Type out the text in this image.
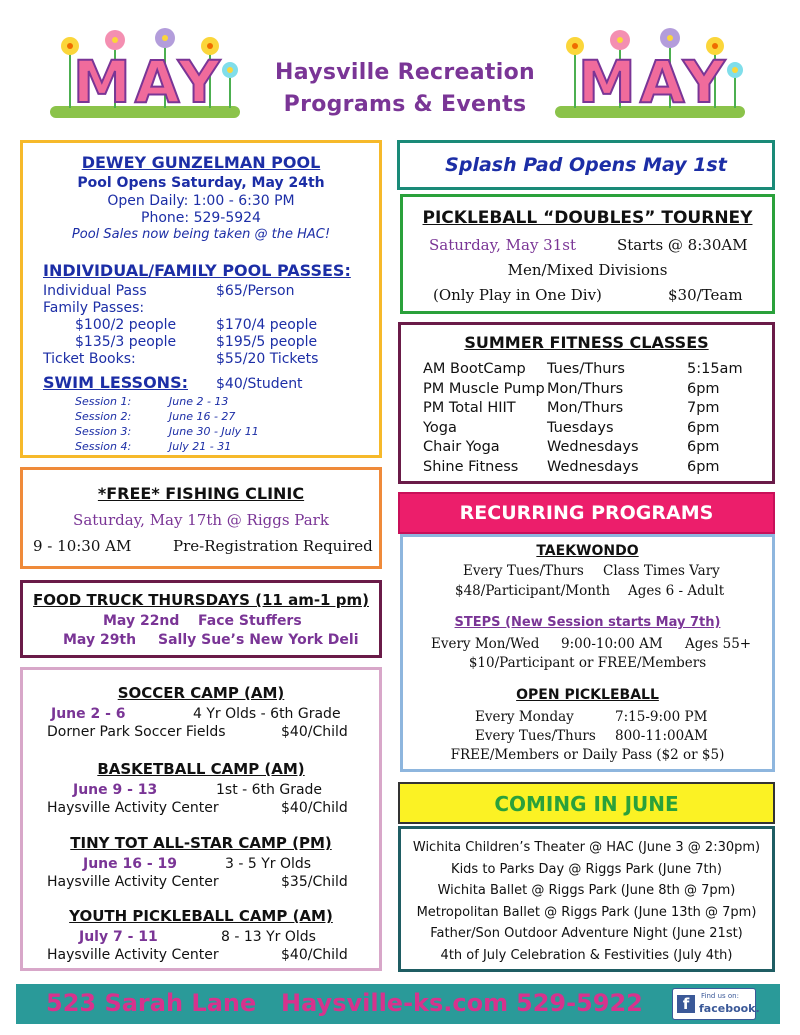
MAY	MAY
Haysville Recreation
Programs & Events
DEWEY GUNZELMAN POOL
Pool Opens Saturday, May 24th
Open Daily: 1:00 - 6:30 PM
Phone: 529-5924
Pool Sales now being taken @ the HAC!
INDIVIDUAL/FAMILY POOL PASSES:
Individual Pass	$65/Person
Family Passes:
$100/2 people	$170/4 people
$135/3 people	$195/5 people
Ticket Books:	$55/20 Tickets
SWIM LESSONS: $40/Student
Session 1:	June 2 - 13
Session 2:	June 16 - 27
Session 3:	June 30 - July 11
Session 4:	July 21 - 31
*FREE* FISHING CLINIC
Saturday, May 17th @ Riggs Park
9 - 10:30 AM	Pre-Registration Required
FOOD TRUCK THURSDAYS (11 am-1 pm)
May 22nd Face Stuffers
May 29th Sally Sue’s New York Deli
SOCCER CAMP (AM)
June 2 - 6	4 Yr Olds - 6th Grade
Dorner Park Soccer Fields	$40/Child
BASKETBALL CAMP (AM)
June 9 - 13	1st - 6th Grade
Haysville Activity Center	$40/Child
TINY TOT ALL-STAR CAMP (PM)
June 16 - 19	3 - 5 Yr Olds
Haysville Activity Center	$35/Child
YOUTH PICKLEBALL CAMP (AM)
July 7 - 11	8 - 13 Yr Olds
Haysville Activity Center	$40/Child
Splash Pad Opens May 1st
PICKLEBALL “DOUBLES” TOURNEY
Saturday, May 31st	Starts @ 8:30AM
Men/Mixed Divisions
(Only Play in One Div)	$30/Team
SUMMER FITNESS CLASSES
AM BootCamp Tues/Thurs	5:15am
PM Muscle Pump Mon/Thurs	6pm
PM Total HIIT Mon/Thurs	7pm
Yoga	Tuesdays	6pm
Chair Yoga	Wednesdays	6pm
Shine Fitness Wednesdays	6pm
RECURRING PROGRAMS
TAEKWONDO
Every Tues/Thurs Class Times Vary
$48/Participant/Month Ages 6 - Adult
STEPS (New Session starts May 7th)
Every Mon/Wed 9:00-10:00 AM Ages 55+
$10/Participant or FREE/Members
OPEN PICKLEBALL
Every Monday	7:15-9:00 PM
Every Tues/Thurs 800-11:00AM
FREE/Members or Daily Pass ($2 or $5)
COMING IN JUNE
Wichita Children’s Theater @ HAC (June 3 @ 2:30pm)
Kids to Parks Day @ Riggs Park (June 7th)
Wichita Ballet @ Riggs Park (June 8th @ 7pm)
Metropolitan Ballet @ Riggs Park (June 13th @ 7pm)
Father/Son Outdoor Adventure Night (June 21st)
4th of July Celebration & Festivities (July 4th)
523 Sarah Lane Haysville-ks.com 529-5922	f	Find us on:
facebook.
